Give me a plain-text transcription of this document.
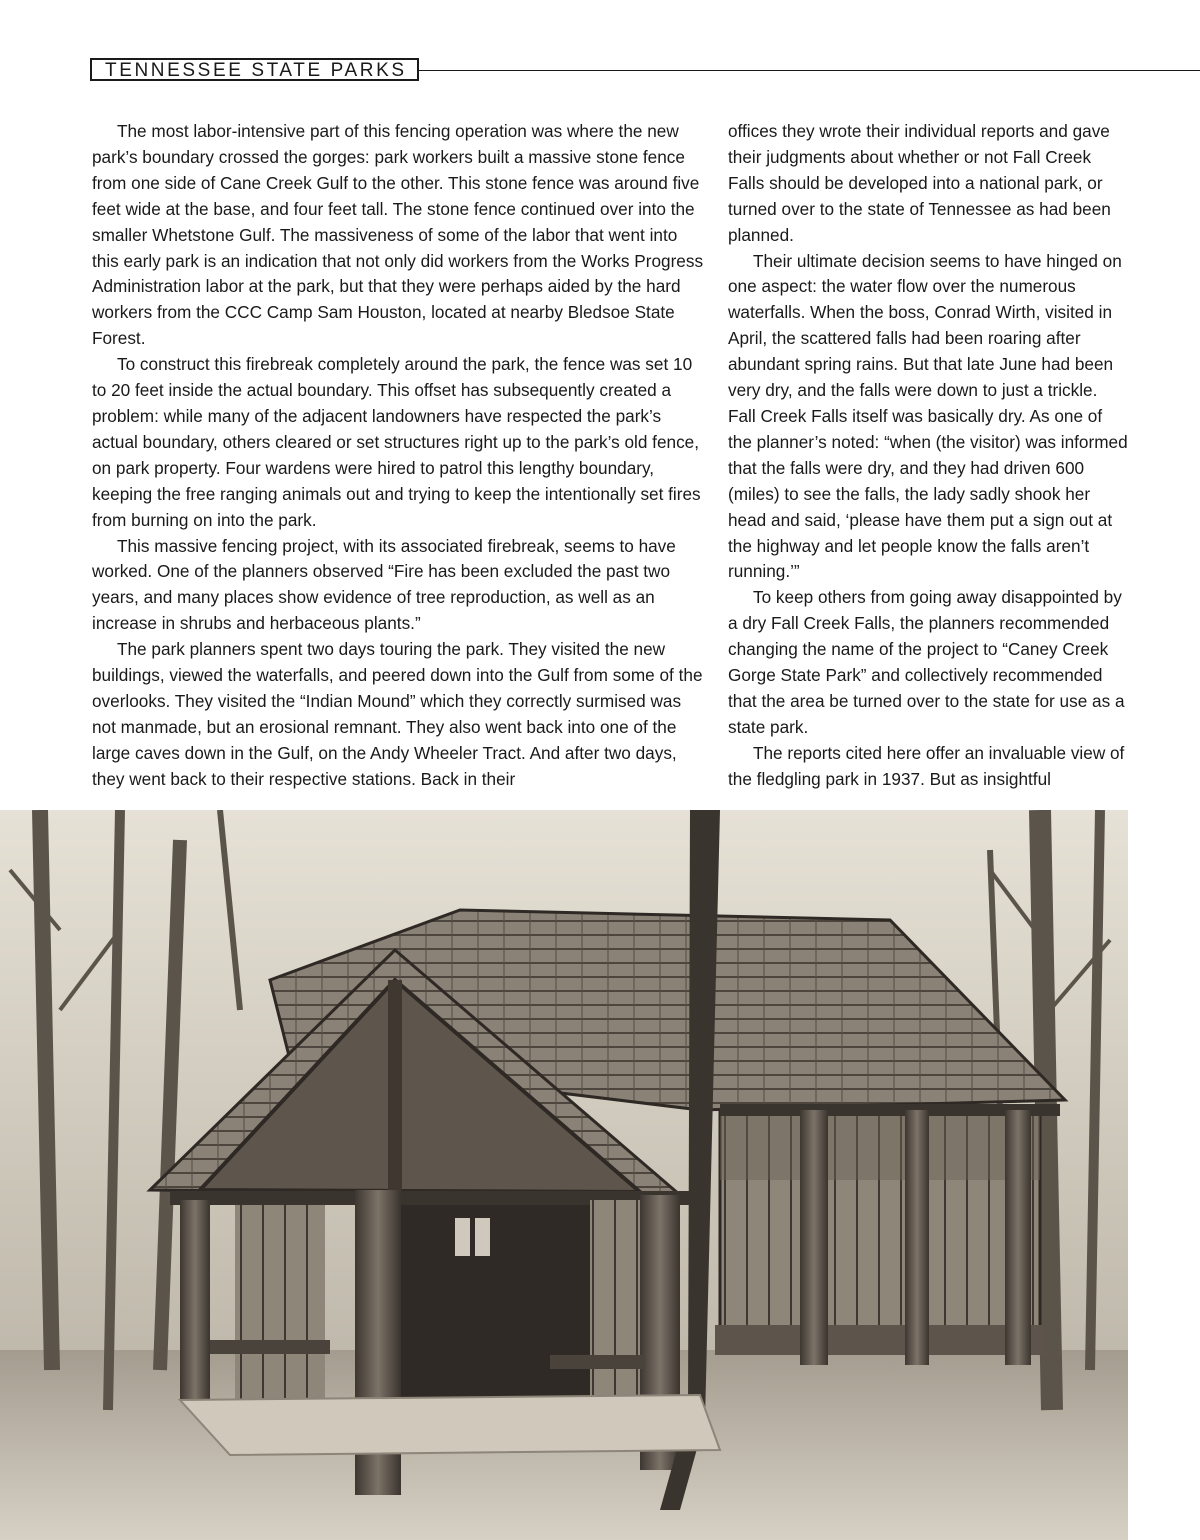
TENNESSEE STATE PARKS

The most labor-intensive part of this fencing operation was where the new park’s boundary crossed the gorges: park workers built a massive stone fence from one side of Cane Creek Gulf to the other. This stone fence was around five feet wide at the base, and four feet tall. The stone fence continued over into the smaller Whetstone Gulf. The massiveness of some of the labor that went into this early park is an indication that not only did workers from the Works Progress Administration labor at the park, but that they were perhaps aided by the hard workers from the CCC Camp Sam Houston, located at nearby Bledsoe State Forest.

To construct this firebreak completely around the park, the fence was set 10 to 20 feet inside the actual boundary. This offset has subsequently created a problem: while many of the adjacent landowners have respected the park’s actual boundary, others cleared or set structures right up to the park’s old fence, on park property. Four wardens were hired to patrol this lengthy boundary, keeping the free ranging animals out and trying to keep the intentionally set fires from burning on into the park.

This massive fencing project, with its associated firebreak, seems to have worked. One of the planners observed “Fire has been excluded the past two years, and many places show evidence of tree reproduction, as well as an increase in shrubs and herbaceous plants.”

The park planners spent two days touring the park. They visited the new buildings, viewed the waterfalls, and peered down into the Gulf from some of the overlooks. They visited the “Indian Mound” which they correctly surmised was not manmade, but an erosional remnant. They also went back into one of the large caves down in the Gulf, on the Andy Wheeler Tract. And after two days, they went back to their respective stations. Back in their

offices they wrote their individual reports and gave their judgments about whether or not Fall Creek Falls should be developed into a national park, or turned over to the state of Tennessee as had been planned.

Their ultimate decision seems to have hinged on one aspect: the water flow over the numerous waterfalls. When the boss, Conrad Wirth, visited in April, the scattered falls had been roaring after abundant spring rains. But that late June had been very dry, and the falls were down to just a trickle. Fall Creek Falls itself was basically dry. As one of the planner’s noted: “when (the visitor) was informed that the falls were dry, and they had driven 600 (miles) to see the falls, the lady sadly shook her head and said, ‘please have them put a sign out at the highway and let people know the falls aren’t running.’”

To keep others from going away disappointed by a dry Fall Creek Falls, the planners recommended changing the name of the project to “Caney Creek Gorge State Park” and collectively recommended that the area be turned over to the state for use as a state park.

The reports cited here offer an invaluable view of the fledgling park in 1937. But as insightful
